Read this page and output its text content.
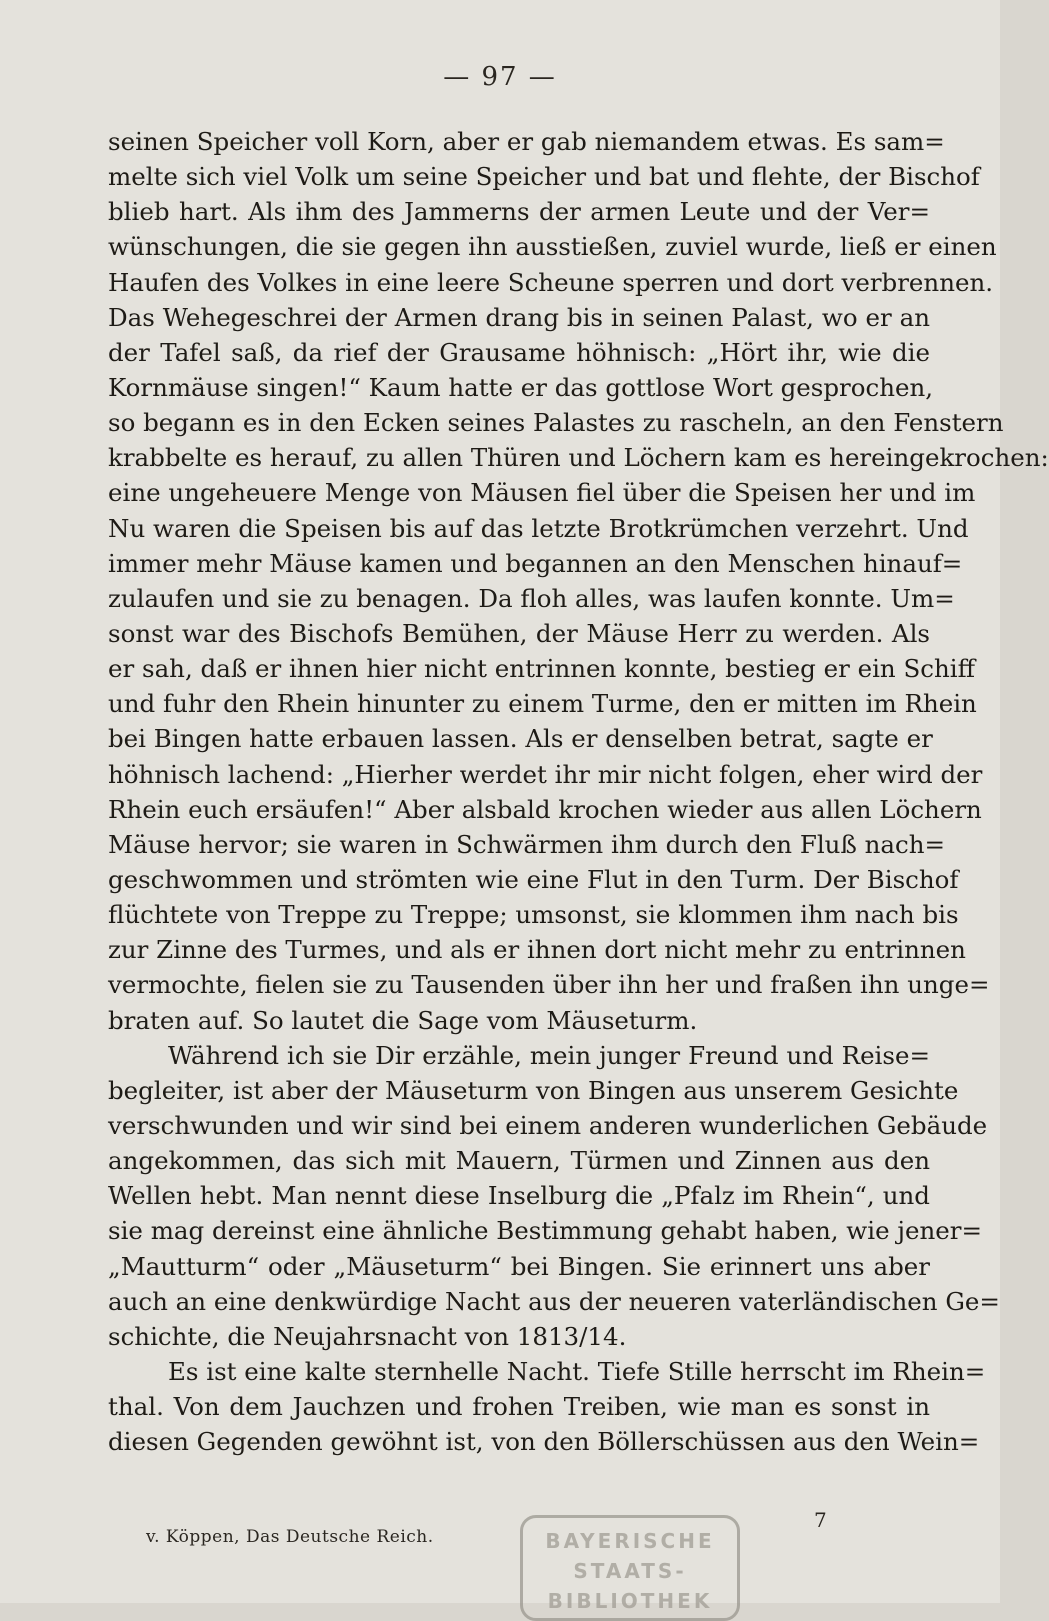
— 97 —
seinen Speicher voll Korn, aber er gab niemandem etwas. Es sam=
melte sich viel Volk um seine Speicher und bat und flehte, der Bischof
blieb hart. Als ihm des Jammerns der armen Leute und der Ver=
wünschungen, die sie gegen ihn ausstießen, zuviel wurde, ließ er einen
Haufen des Volkes in eine leere Scheune sperren und dort verbrennen.
Das Wehegeschrei der Armen drang bis in seinen Palast, wo er an
der Tafel saß, da rief der Grausame höhnisch: „Hört ihr, wie die
Kornmäuse singen!“ Kaum hatte er das gottlose Wort gesprochen,
so begann es in den Ecken seines Palastes zu rascheln, an den Fenstern
krabbelte es herauf, zu allen Thüren und Löchern kam es hereingekrochen:
eine ungeheuere Menge von Mäusen fiel über die Speisen her und im
Nu waren die Speisen bis auf das letzte Brotkrümchen verzehrt. Und
immer mehr Mäuse kamen und begannen an den Menschen hinauf=
zulaufen und sie zu benagen. Da floh alles, was laufen konnte. Um=
sonst war des Bischofs Bemühen, der Mäuse Herr zu werden. Als
er sah, daß er ihnen hier nicht entrinnen konnte, bestieg er ein Schiff
und fuhr den Rhein hinunter zu einem Turme, den er mitten im Rhein
bei Bingen hatte erbauen lassen. Als er denselben betrat, sagte er
höhnisch lachend: „Hierher werdet ihr mir nicht folgen, eher wird der
Rhein euch ersäufen!“ Aber alsbald krochen wieder aus allen Löchern
Mäuse hervor; sie waren in Schwärmen ihm durch den Fluß nach=
geschwommen und strömten wie eine Flut in den Turm. Der Bischof
flüchtete von Treppe zu Treppe; umsonst, sie klommen ihm nach bis
zur Zinne des Turmes, und als er ihnen dort nicht mehr zu entrinnen
vermochte, fielen sie zu Tausenden über ihn her und fraßen ihn unge=
braten auf. So lautet die Sage vom Mäuseturm.
Während ich sie Dir erzähle, mein junger Freund und Reise=
begleiter, ist aber der Mäuseturm von Bingen aus unserem Gesichte
verschwunden und wir sind bei einem anderen wunderlichen Gebäude
angekommen, das sich mit Mauern, Türmen und Zinnen aus den
Wellen hebt. Man nennt diese Inselburg die „Pfalz im Rhein“, und
sie mag dereinst eine ähnliche Bestimmung gehabt haben, wie jener=
„Mautturm“ oder „Mäuseturm“ bei Bingen. Sie erinnert uns aber
auch an eine denkwürdige Nacht aus der neueren vaterländischen Ge=
schichte, die Neujahrsnacht von 1813/14.
Es ist eine kalte sternhelle Nacht. Tiefe Stille herrscht im Rhein=
thal. Von dem Jauchzen und frohen Treiben, wie man es sonst in
diesen Gegenden gewöhnt ist, von den Böllerschüssen aus den Wein=
v. Köppen, Das Deutsche Reich.
7
BAYERISCHE
STAATS-
BIBLIOTHEK
